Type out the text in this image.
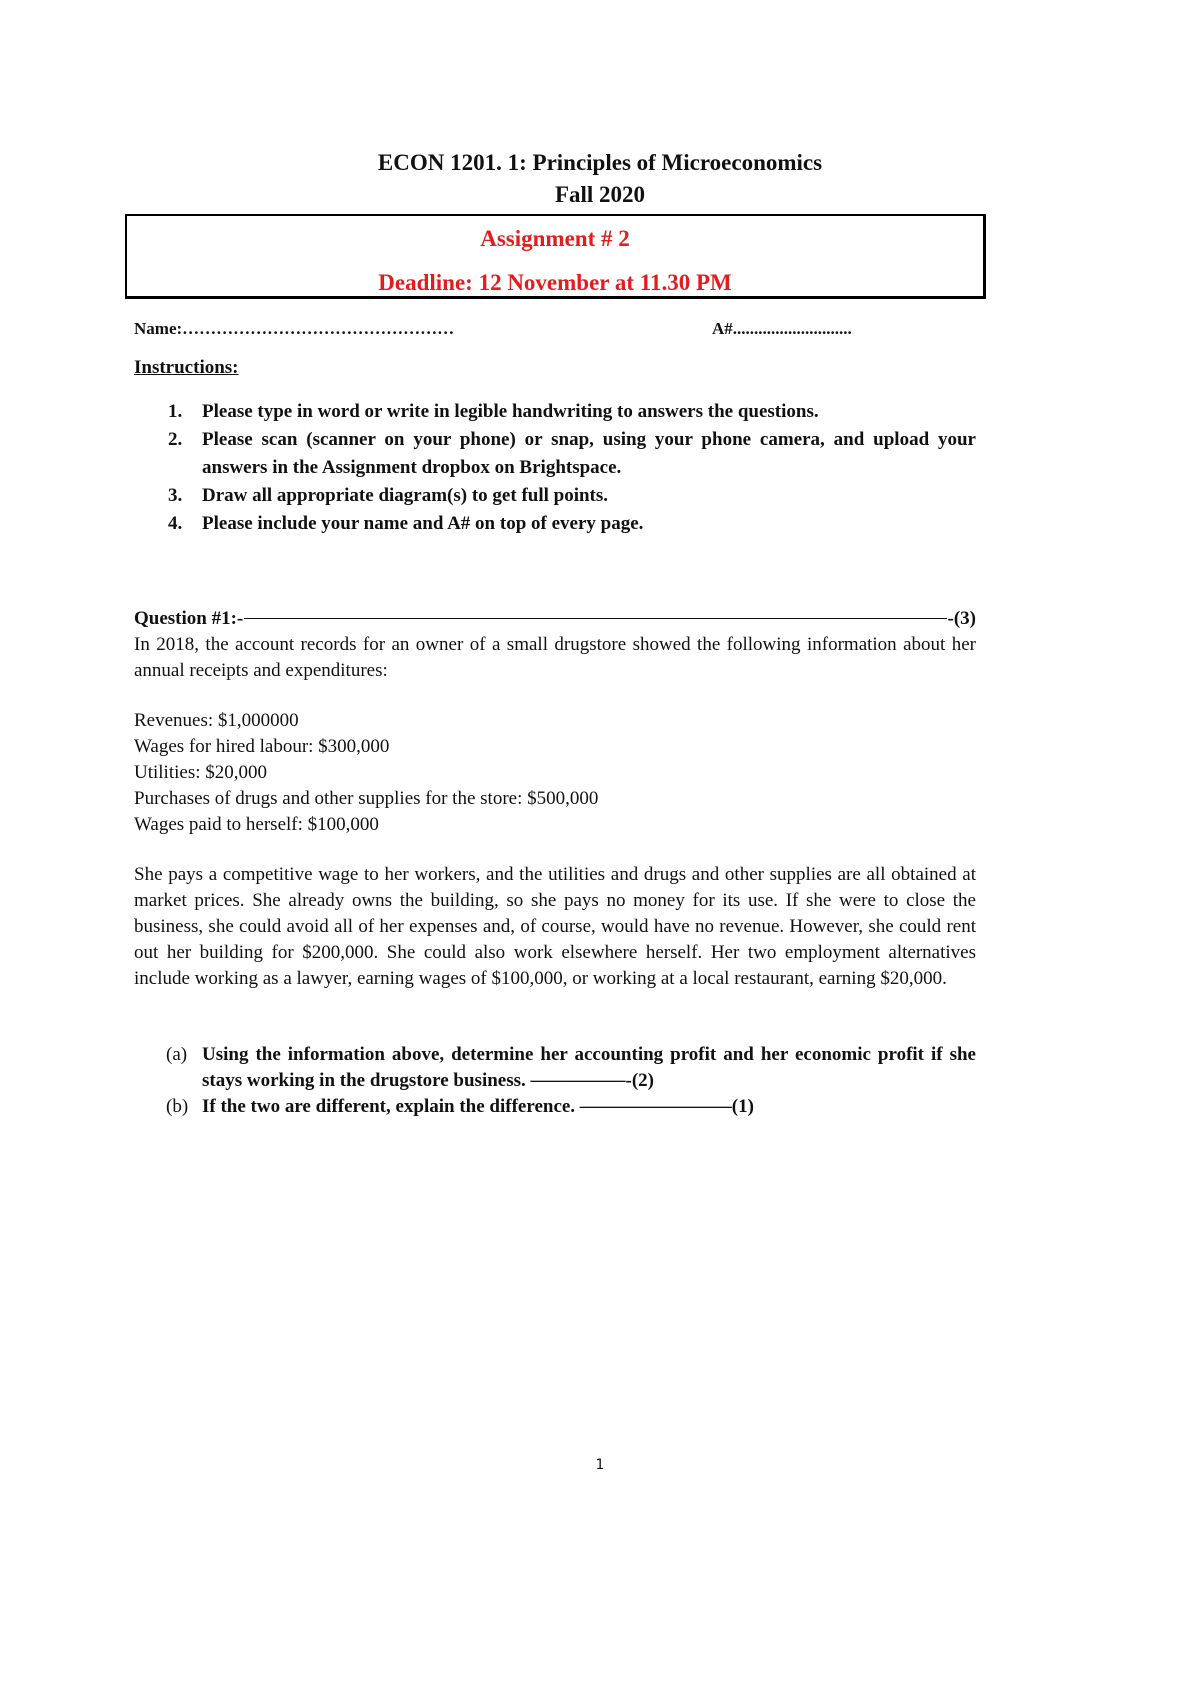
ECON 1201. 1: Principles of Microeconomics
Fall 2020
Assignment # 2
Deadline: 12 November at 11.30 PM
Name:…………………………………………	A#............................
Instructions:
1. Please type in word or write in legible handwriting to answers the questions.
2. Please scan (scanner on your phone) or snap, using your phone camera, and upload your answers in the Assignment dropbox on Brightspace.
3. Draw all appropriate diagram(s) to get full points.
4. Please include your name and A# on top of every page.
Question #1:-	-(3)
In 2018, the account records for an owner of a small drugstore showed the following information about her annual receipts and expenditures:
Revenues: $1,000000
Wages for hired labour: $300,000
Utilities: $20,000
Purchases of drugs and other supplies for the store: $500,000
Wages paid to herself: $100,000
She pays a competitive wage to her workers, and the utilities and drugs and other supplies are all obtained at market prices. She already owns the building, so she pays no money for its use. If she were to close the business, she could avoid all of her expenses and, of course, would have no revenue. However, she could rent out her building for $200,000. She could also work elsewhere herself. Her two employment alternatives include working as a lawyer, earning wages of $100,000, or working at a local restaurant, earning $20,000.
(a) Using the information above, determine her accounting profit and her economic profit if she stays working in the drugstore business. ––––––––––-(2)
(b) If the two are different, explain the difference. ––––––––––––––––(1)
1
